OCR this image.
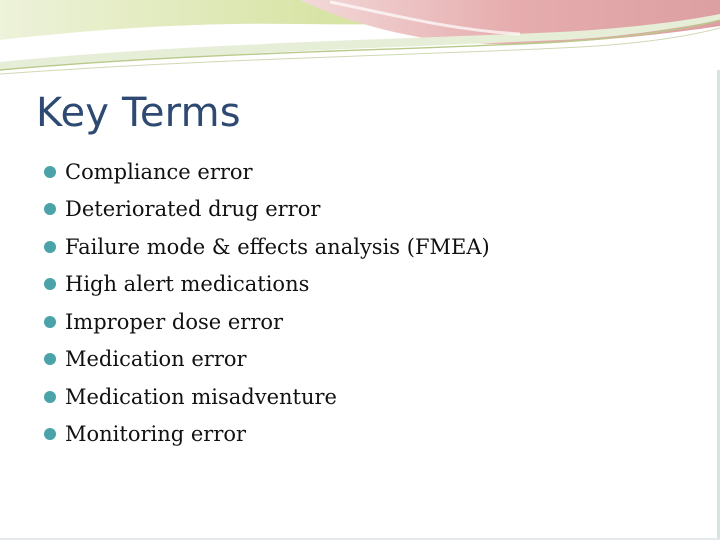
Key Terms
Compliance error
Deteriorated drug error
Failure mode & effects analysis (FMEA)
High alert medications
Improper dose error
Medication error
Medication misadventure
Monitoring error
